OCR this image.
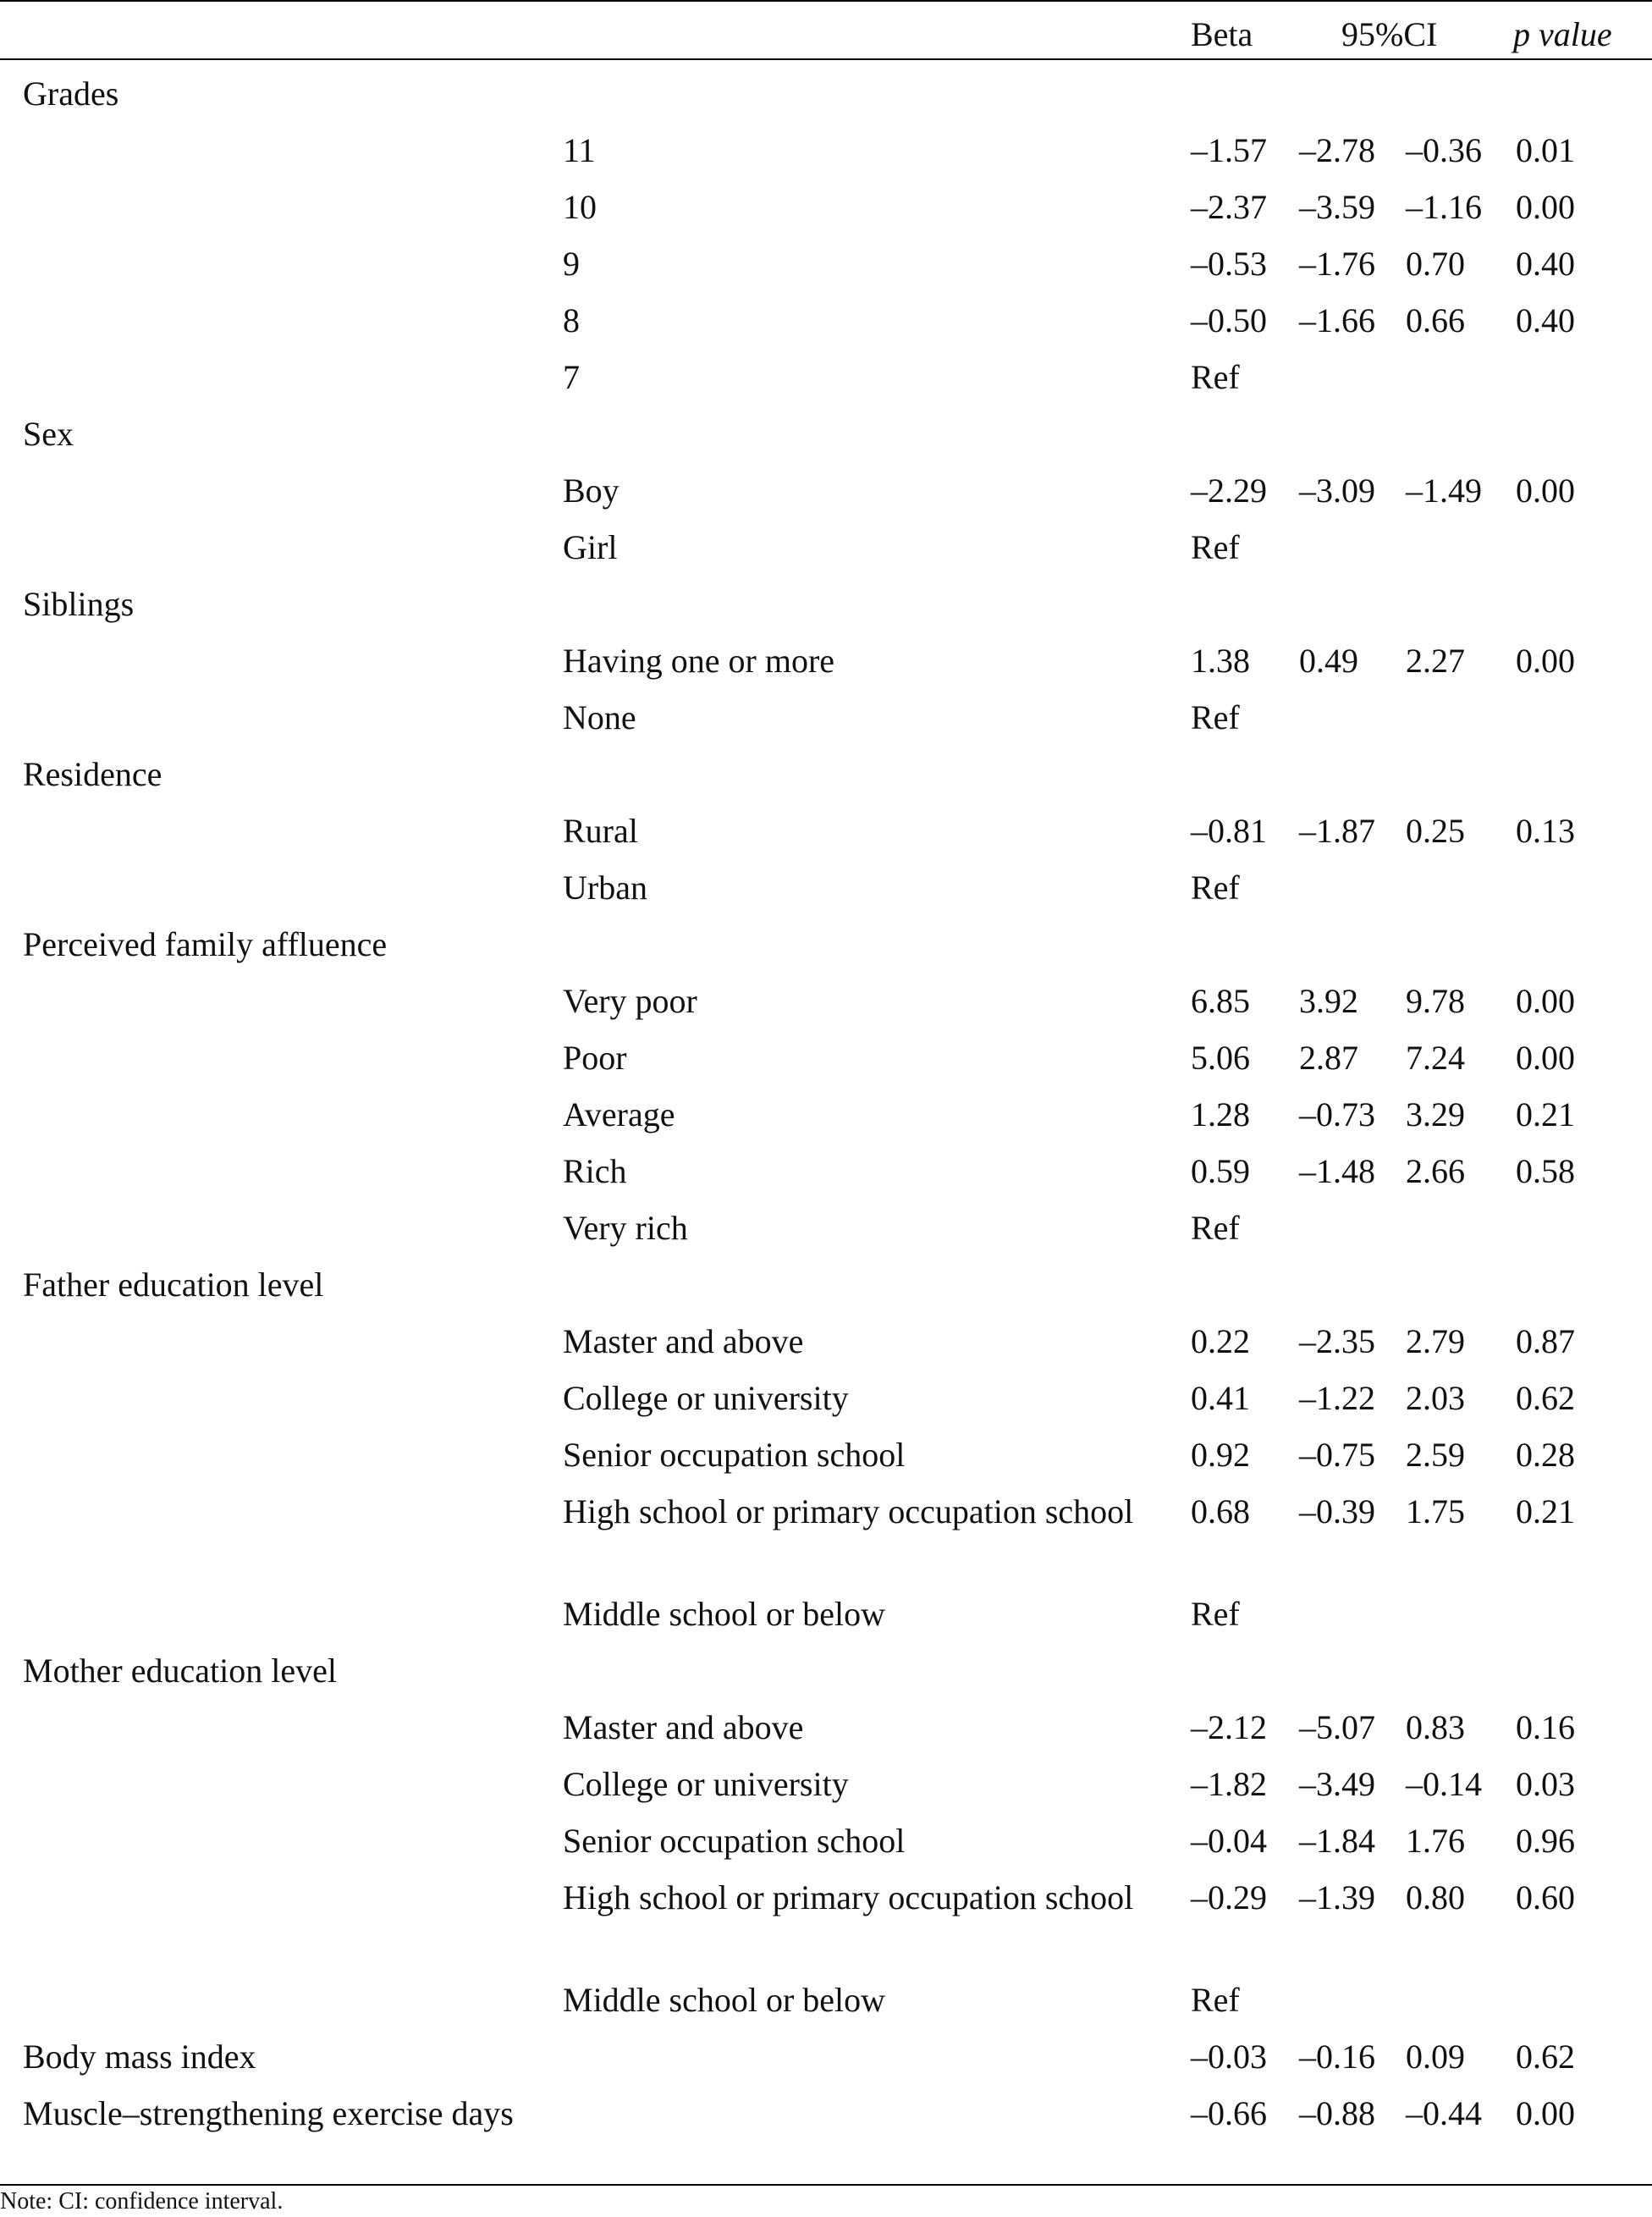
Beta	95%CI p value
Grades
11	–1.57 –2.78 –0.36 0.01
10	–2.37 –3.59 –1.16 0.00
9	–0.53 –1.76 0.70 0.40
8	–0.50 –1.66 0.66 0.40
7	Ref
Sex
Boy	–2.29 –3.09 –1.49 0.00
Girl	Ref
Siblings
Having one or more	1.38 0.49 2.27 0.00
None	Ref
Residence
Rural	–0.81 –1.87 0.25 0.13
Urban	Ref
Perceived family affluence
Very poor	6.85 3.92 9.78 0.00
Poor	5.06 2.87 7.24 0.00
Average	1.28 –0.73 3.29 0.21
Rich	0.59 –1.48 2.66 0.58
Very rich	Ref
Father education level
Master and above	0.22 –2.35 2.79 0.87
College or university	0.41 –1.22 2.03 0.62
Senior occupation school	0.92 –0.75 2.59 0.28
High school or primary occupation school	0.68 –0.39 1.75 0.21
Middle school or below	Ref
Mother education level
Master and above	–2.12 –5.07 0.83 0.16
College or university	–1.82 –3.49 –0.14 0.03
Senior occupation school	–0.04 –1.84 1.76 0.96
High school or primary occupation school	–0.29 –1.39 0.80 0.60
Middle school or below	Ref
Body mass index	–0.03 –0.16 0.09 0.62
Muscle–strengthening exercise days	–0.66 –0.88 –0.44 0.00
Note: CI: confidence interval.
